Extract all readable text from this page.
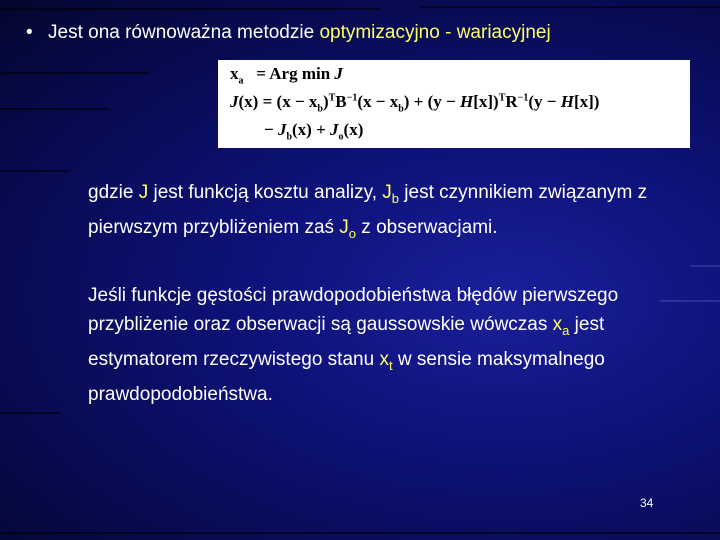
• Jest ona równoważna metodzie optymizacyjno - wariacyjnej
$x_a$   = Arg min J
$J(x) = (x - x_b)^TB^{-1}(x - x_b) + (y - H[x])^TR^{-1}(y - H[x])$
− $J_b(x) + J_o(x)$
gdzie J jest funkcją kosztu analizy, $J_b$ jest czynnikiem związanym z pierwszym przybliżeniem zaś $J_o$ z obserwacjami.
Jeśli funkcje gęstości prawdopodobieństwa błędów pierwszego przybliżenie oraz obserwacji są gaussowskie wówczas $x_a$ jest estymatorem rzeczywistego stanu $x_t$ w sensie maksymalnego prawdopodobieństwa.
34
